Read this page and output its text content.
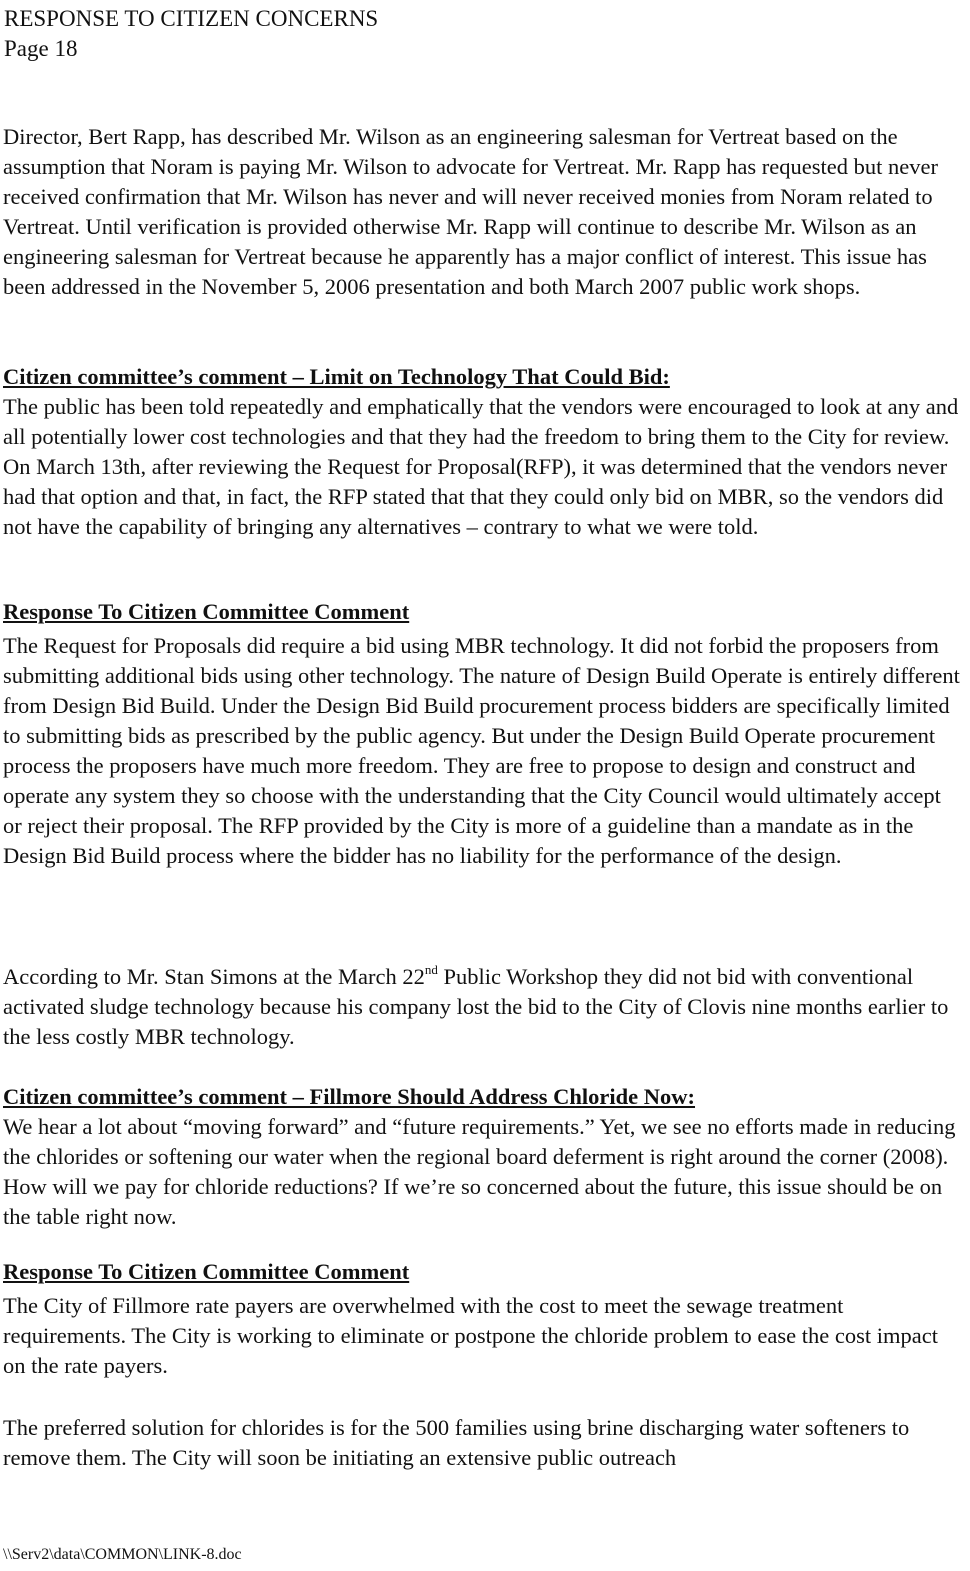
RESPONSE TO CITIZEN CONCERNS
Page 18

Director, Bert Rapp, has described Mr. Wilson as an engineering salesman for Vertreat based on the assumption that Noram is paying Mr. Wilson to advocate for Vertreat. Mr. Rapp has requested but never received confirmation that Mr. Wilson has never and will never received monies from Noram related to Vertreat. Until verification is provided otherwise Mr. Rapp will continue to describe Mr. Wilson as an engineering salesman for Vertreat because he apparently has a major conflict of interest. This issue has been addressed in the November 5, 2006 presentation and both March 2007 public work shops.

Citizen committee’s comment – Limit on Technology That Could Bid:

The public has been told repeatedly and emphatically that the vendors were encouraged to look at any and all potentially lower cost technologies and that they had the freedom to bring them to the City for review. On March 13th, after reviewing the Request for Proposal(RFP), it was determined that the vendors never had that option and that, in fact, the RFP stated that that they could only bid on MBR, so the vendors did not have the capability of bringing any alternatives – contrary to what we were told.

Response To Citizen Committee Comment

The Request for Proposals did require a bid using MBR technology. It did not forbid the proposers from submitting additional bids using other technology. The nature of Design Build Operate is entirely different from Design Bid Build. Under the Design Bid Build procurement process bidders are specifically limited to submitting bids as prescribed by the public agency. But under the Design Build Operate procurement process the proposers have much more freedom. They are free to propose to design and construct and operate any system they so choose with the understanding that the City Council would ultimately accept or reject their proposal. The RFP provided by the City is more of a guideline than a mandate as in the Design Bid Build process where the bidder has no liability for the performance of the design.

According to Mr. Stan Simons at the March 22nd Public Workshop they did not bid with conventional activated sludge technology because his company lost the bid to the City of Clovis nine months earlier to the less costly MBR technology.

Citizen committee’s comment – Fillmore Should Address Chloride Now:

We hear a lot about “moving forward” and “future requirements.” Yet, we see no efforts made in reducing the chlorides or softening our water when the regional board deferment is right around the corner (2008). How will we pay for chloride reductions? If we’re so concerned about the future, this issue should be on the table right now.

Response To Citizen Committee Comment

The City of Fillmore rate payers are overwhelmed with the cost to meet the sewage treatment requirements. The City is working to eliminate or postpone the chloride problem to ease the cost impact on the rate payers.

The preferred solution for chlorides is for the 500 families using brine discharging water softeners to remove them. The City will soon be initiating an extensive public outreach

\\Serv2\data\COMMON\LINK-8.doc
